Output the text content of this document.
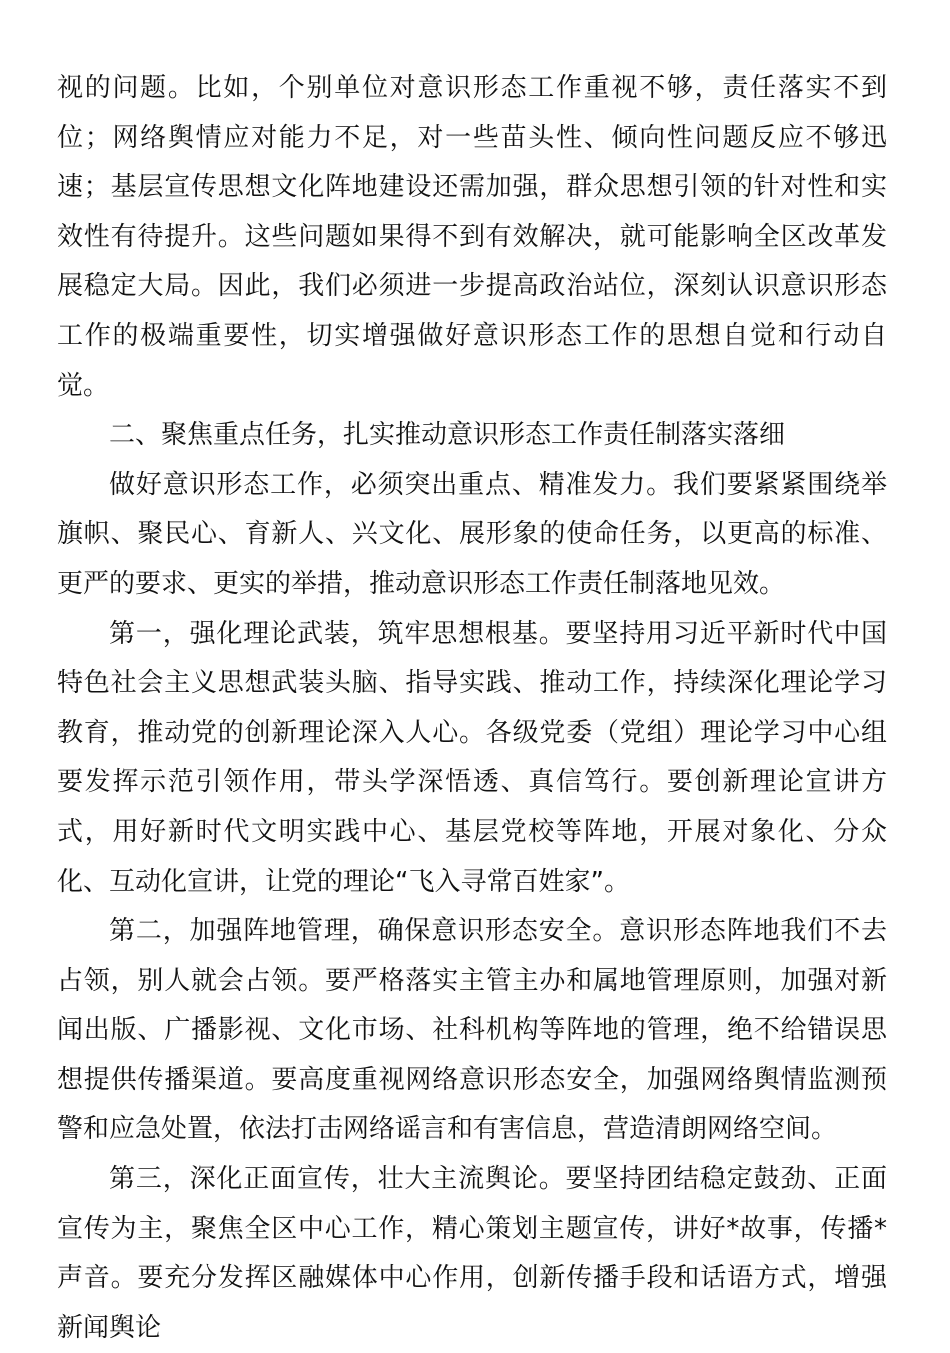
视的问题。比如，个别单位对意识形态工作重视不够，责任落实不到位；网络舆情应对能力不足，对一些苗头性、倾向性问题反应不够迅速；基层宣传思想文化阵地建设还需加强，群众思想引领的针对性和实效性有待提升。这些问题如果得不到有效解决，就可能影响全区改革发展稳定大局。因此，我们必须进一步提高政治站位，深刻认识意识形态工作的极端重要性，切实增强做好意识形态工作的思想自觉和行动自觉。

二、聚焦重点任务，扎实推动意识形态工作责任制落实落细

做好意识形态工作，必须突出重点、精准发力。我们要紧紧围绕举旗帜、聚民心、育新人、兴文化、展形象的使命任务，以更高的标准、更严的要求、更实的举措，推动意识形态工作责任制落地见效。

第一，强化理论武装，筑牢思想根基。要坚持用习近平新时代中国特色社会主义思想武装头脑、指导实践、推动工作，持续深化理论学习教育，推动党的创新理论深入人心。各级党委（党组）理论学习中心组要发挥示范引领作用，带头学深悟透、真信笃行。要创新理论宣讲方式，用好新时代文明实践中心、基层党校等阵地，开展对象化、分众化、互动化宣讲，让党的理论“飞入寻常百姓家”。

第二，加强阵地管理，确保意识形态安全。意识形态阵地我们不去占领，别人就会占领。要严格落实主管主办和属地管理原则，加强对新闻出版、广播影视、文化市场、社科机构等阵地的管理，绝不给错误思想提供传播渠道。要高度重视网络意识形态安全，加强网络舆情监测预警和应急处置，依法打击网络谣言和有害信息，营造清朗网络空间。

第三，深化正面宣传，壮大主流舆论。要坚持团结稳定鼓劲、正面宣传为主，聚焦全区中心工作，精心策划主题宣传，讲好*故事，传播*声音。要充分发挥区融媒体中心作用，创新传播手段和话语方式，增强新闻舆论
